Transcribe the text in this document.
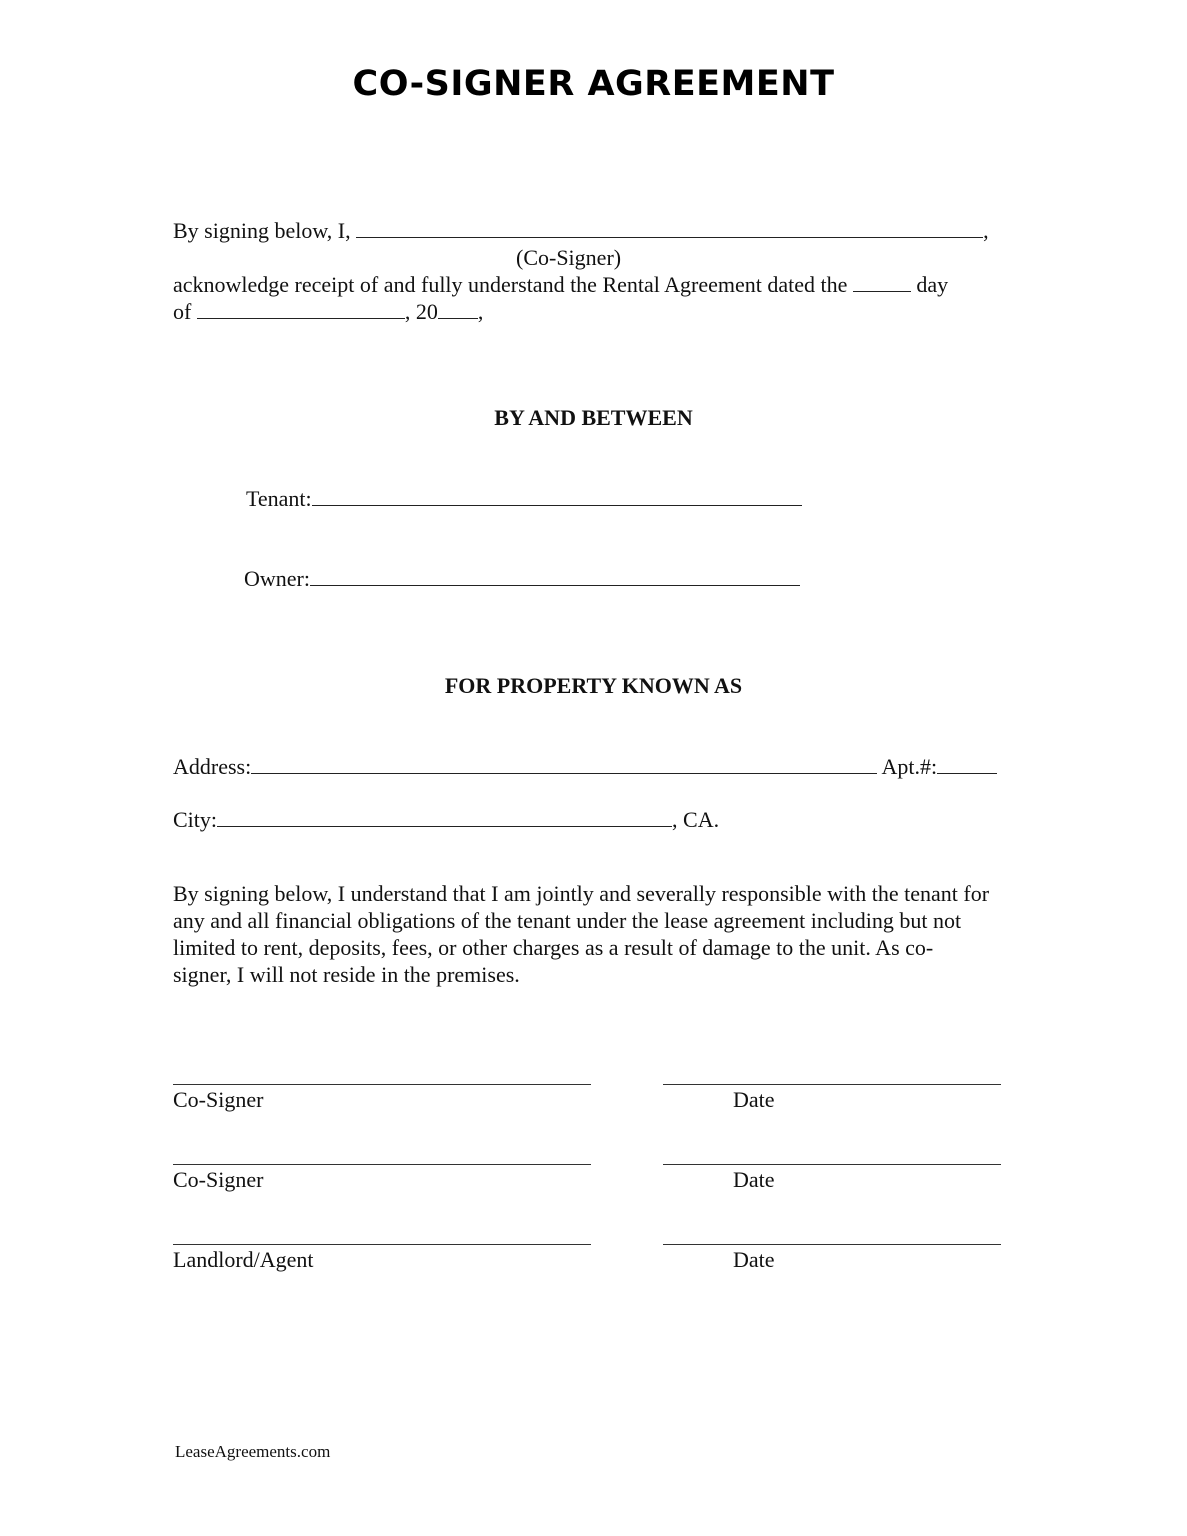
CO-SIGNER AGREEMENT
By signing below, I,	,
(Co-Signer)
acknowledge receipt of and fully understand the Rental Agreement dated the	day
of	, 20 ,
BY AND BETWEEN
Tenant:
Owner:
FOR PROPERTY KNOWN AS
Address:	Apt.#:
City:	, CA.
By signing below, I understand that I am jointly and severally responsible with the tenant for
any and all financial obligations of the tenant under the lease agreement including but not
limited to rent, deposits, fees, or other charges as a result of damage to the unit. As co-
signer, I will not reside in the premises.
Co-Signer	Date
Co-Signer	Date
Landlord/Agent	Date
LeaseAgreements.com
